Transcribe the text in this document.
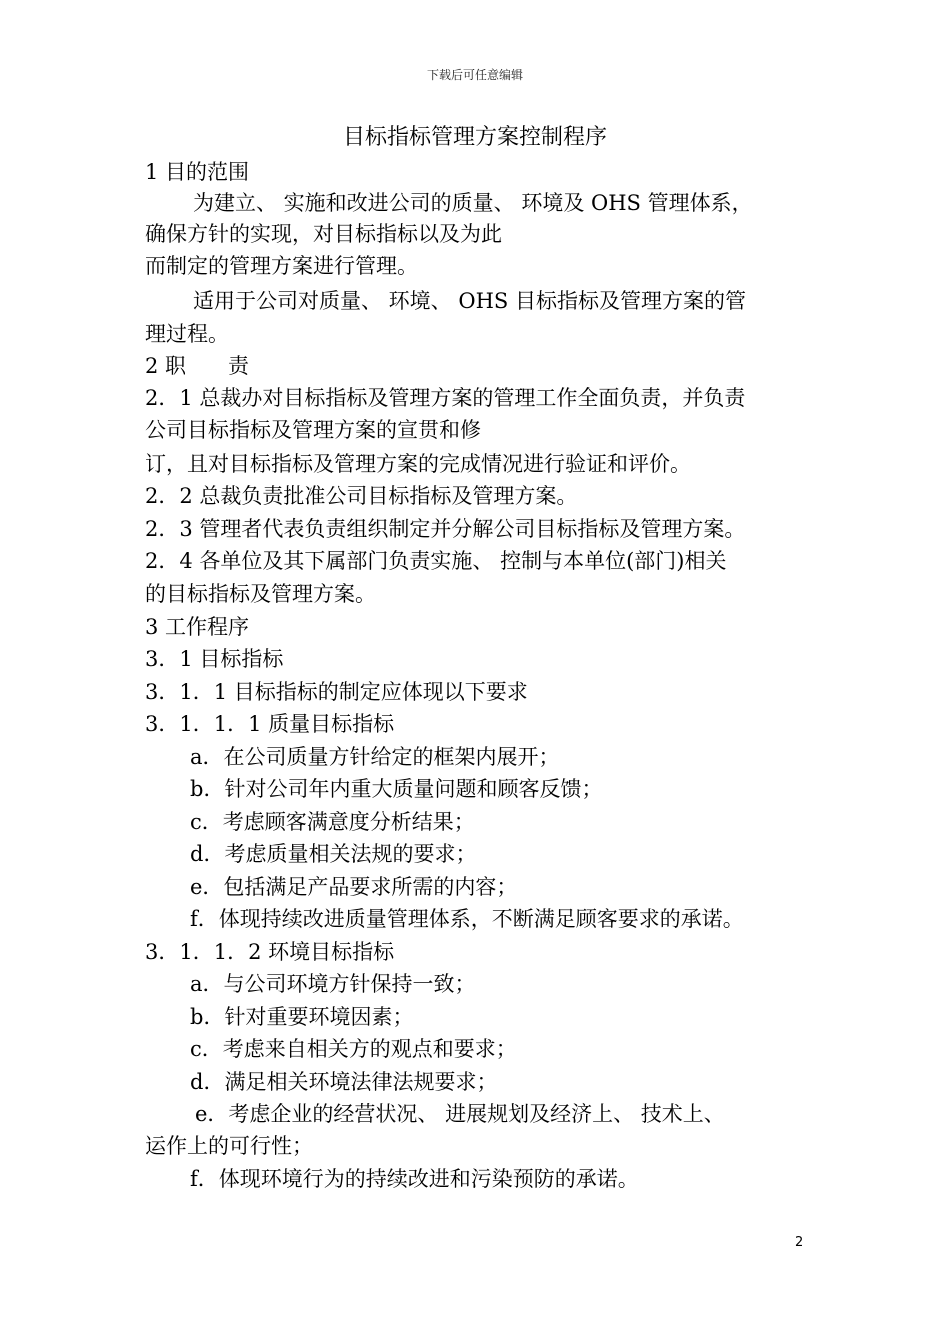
下载后可任意编辑
目标指标管理方案控制程序
1 目的范围
为建立、 实施和改进公司的质量、 环境及 OHS 管理体系，
确保方针的实现，对目标指标以及为此
而制定的管理方案进行管理。
适用于公司对质量、 环境、 OHS 目标指标及管理方案的管
理过程。
2 职　　责
2．1 总裁办对目标指标及管理方案的管理工作全面负责，并负责
公司目标指标及管理方案的宣贯和修
订，且对目标指标及管理方案的完成情况进行验证和评价。
2．2 总裁负责批准公司目标指标及管理方案。
2．3 管理者代表负责组织制定并分解公司目标指标及管理方案。
2．4 各单位及其下属部门负责实施、 控制与本单位(部门)相关
的目标指标及管理方案。
3 工作程序
3．1 目标指标
3．1．1 目标指标的制定应体现以下要求
3．1．1．1 质量目标指标
a．在公司质量方针给定的框架内展开；
b．针对公司年内重大质量问题和顾客反馈；
c．考虑顾客满意度分析结果；
d．考虑质量相关法规的要求；
e．包括满足产品要求所需的内容；
f．体现持续改进质量管理体系，不断满足顾客要求的承诺。
3．1．1．2 环境目标指标
a．与公司环境方针保持一致；
b．针对重要环境因素；
c．考虑来自相关方的观点和要求；
d．满足相关环境法律法规要求；
e．考虑企业的经营状况、 进展规划及经济上、 技术上、
运作上的可行性；
f．体现环境行为的持续改进和污染预防的承诺。
2
